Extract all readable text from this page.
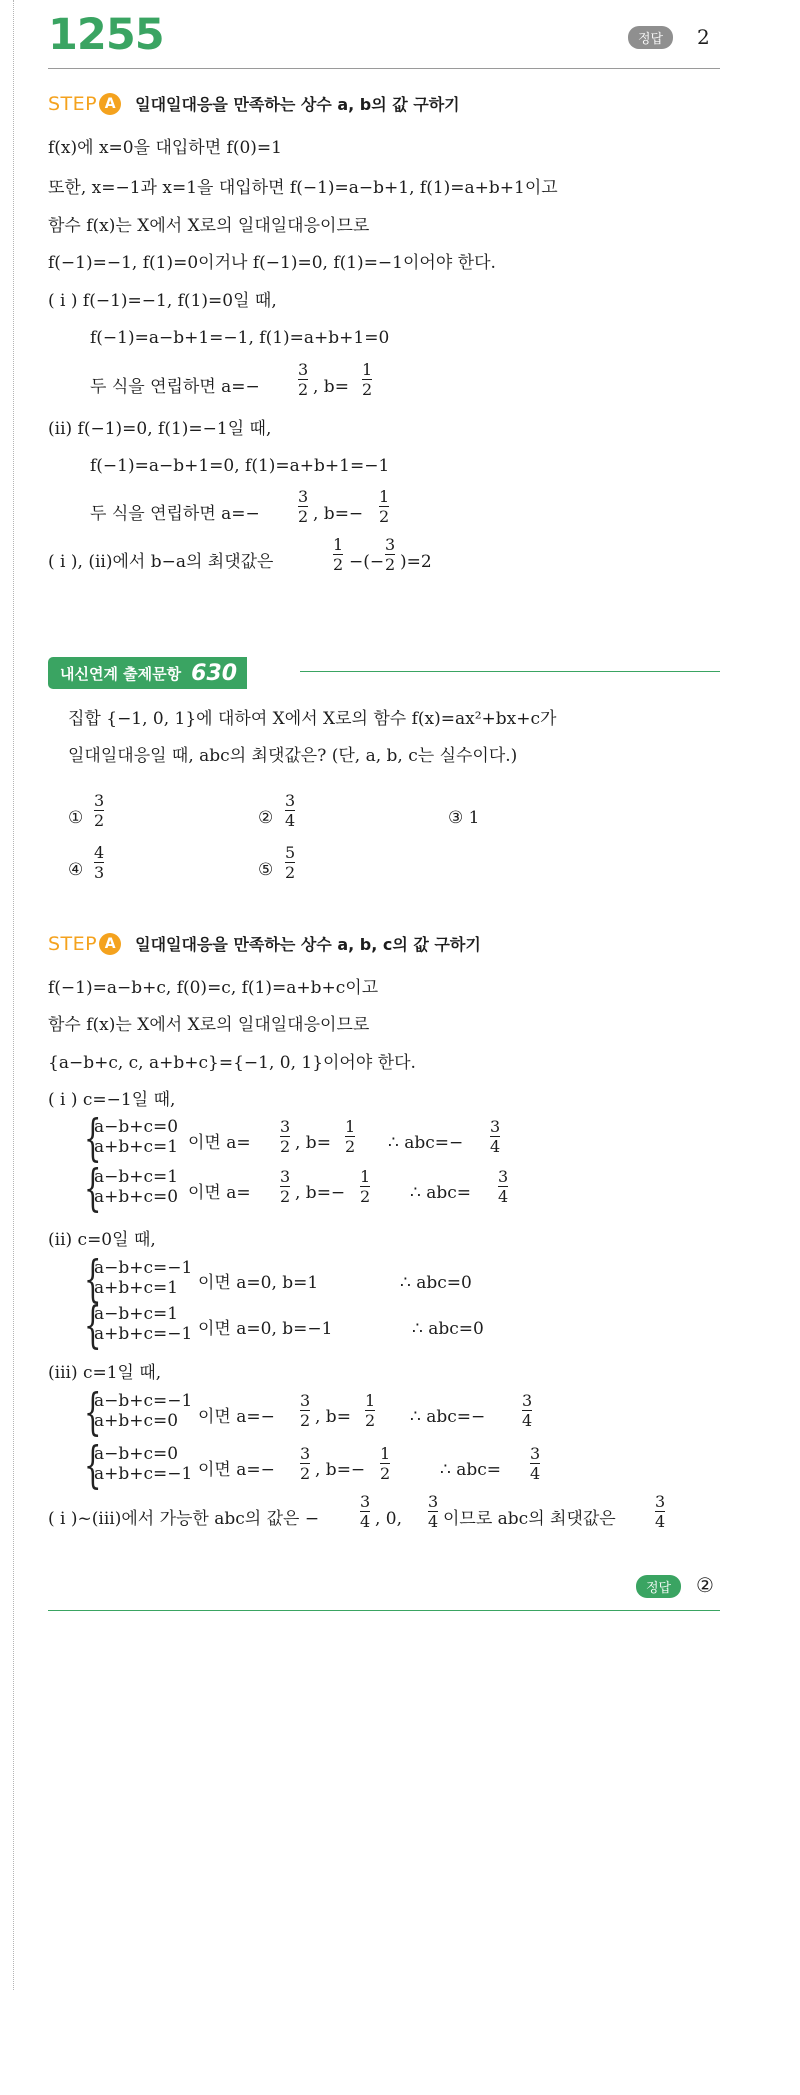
1255	정답	2
STEP A	일대일대응을 만족하는 상수 a, b의 값 구하기
f(x)에 x=0을 대입하면 f(0)=1
또한, x=−1과 x=1을 대입하면 f(−1)=a−b+1, f(1)=a+b+1이고
함수 f(x)는 X에서 X로의 일대일대응이므로
f(−1)=−1, f(1)=0이거나 f(−1)=0, f(1)=−1이어야 한다.
( i ) f(−1)=−1, f(1)=0일 때,
f(−1)=a−b+1=−1, f(1)=a+b+1=0
두 식을 연립하면 $a=- \frac{3}{2}$ , $b= \frac{1}{2}$
(ii) f(−1)=0, f(1)=−1일 때,
f(−1)=a−b+1=0, f(1)=a+b+1=−1
두 식을 연립하면 $a=- \frac{3}{2}$ , $b=- \frac{1}{2}$
( i ), (ii)에서 b−a의 최댓값은	$\frac{1}{2}$ −(− $\frac{3}{2} )=2$
내신연계 출제문항 630
집합 {−1, 0, 1}에 대하여 X에서 X로의 함수 f(x)=ax²+bx+c가
일대일대응일 때, abc의 최댓값은? (단, a, b, c는 실수이다.)
① $\frac{3}{2}$	② $\frac{3}{4}$	③ 1
④ $\frac{4}{3}$	⑤ $\frac{5}{2}$
STEP A	일대일대응을 만족하는 상수 a, b, c의 값 구하기
f(−1)=a−b+c, f(0)=c, f(1)=a+b+c이고
함수 f(x)는 X에서 X로의 일대일대응이므로
{a−b+c, c, a+b+c}={−1, 0, 1}이어야 한다.
( i ) c=−1일 때,
{
a−b+c=0
a+b+c=1 이면 $a= \frac{3}{2}$ , $b= \frac{1}{2}$ ∴ $abc=- \frac{3}{4}$
{
a−b+c=1
a+b+c=0 이면 $a= \frac{3}{2}$ , $b=- \frac{1}{2}$ ∴ $abc= \frac{3}{4}$
(ii) c=0일 때,
{
a−b+c=−1
a+b+c=1	이면 a=0, b=1	∴ abc=0
{
a−b+c=1
a+b+c=−1 이면 a=0, b=−1	∴ abc=0
(iii) c=1일 때,
{
a−b+c=−1
a+b+c=0	이면 $a=- \frac{3}{2}$ , $b= \frac{1}{2}$ ∴ $abc=- \frac{3}{4}$
{
a−b+c=0
a+b+c=−1 이면 $a=- \frac{3}{2}$ , $b=- \frac{1}{2}$	∴ $abc= \frac{3}{4}$
( i )~(iii)에서 가능한 abc의 값은 −	$\frac{3}{4}$ , 0, $\frac{3}{4}$ 이므로 abc의 최댓값은 $\frac{3}{4}$
정답	②
